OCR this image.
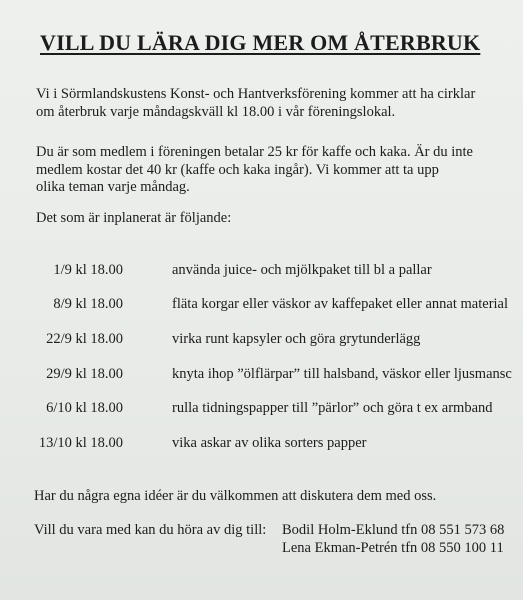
VILL DU LÄRA DIG MER OM ÅTERBRUK
Vi i Sörmlandskustens Konst- och Hantverksförening kommer att ha cirklar
om återbruk varje måndagskväll kl 18.00 i vår föreningslokal.
Du är som medlem i föreningen betalar 25 kr för kaffe och kaka. Är du inte
medlem kostar det 40 kr (kaffe och kaka ingår). Vi kommer att ta upp
olika teman varje måndag.
Det som är inplanerat är följande:
1/9 kl 18.00	använda juice- och mjölkpaket till bl a pallar
8/9 kl 18.00	fläta korgar eller väskor av kaffepaket eller annat material
22/9 kl 18.00	virka runt kapsyler och göra grytunderlägg
29/9 kl 18.00	knyta ihop ”ölflärpar” till halsband, väskor eller ljusmansc
6/10 kl 18.00	rulla tidningspapper till ”pärlor” och göra t ex armband
13/10 kl 18.00	vika askar av olika sorters papper
Har du några egna idéer är du välkommen att diskutera dem med oss.
Vill du vara med kan du höra av dig till: Bodil Holm-Eklund tfn 08 551 573 68
Lena Ekman-Petrén tfn 08 550 100 11
